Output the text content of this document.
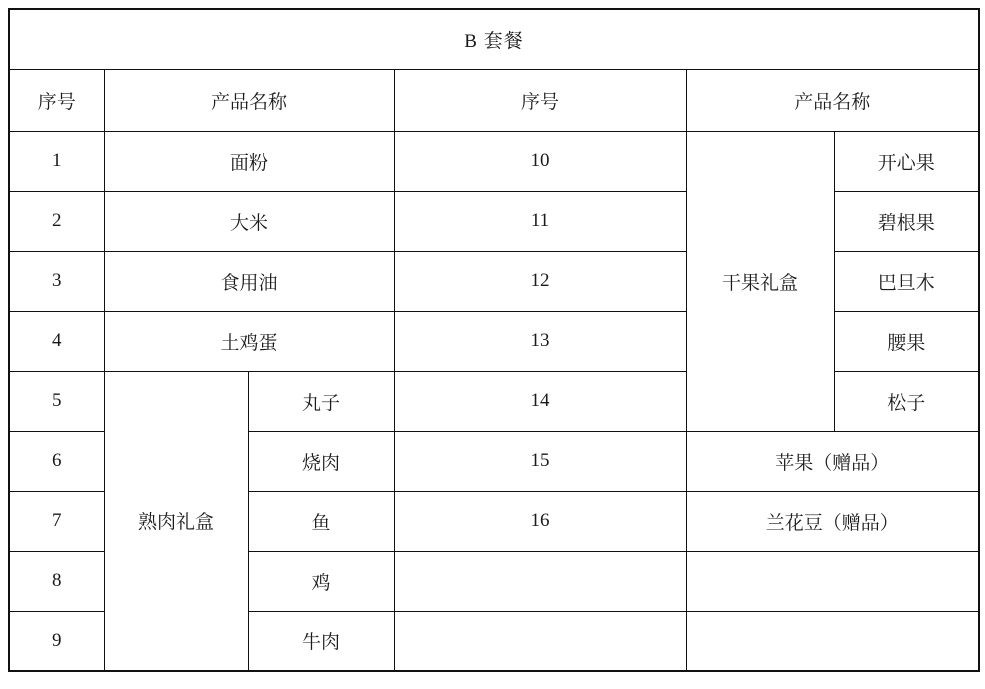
B 套餐					
序号	产品名称		序号	产品名称	
1	面粉		10	干果礼盒	开心果
2	大米		11		碧根果
3	食用油		12		巴旦木
4	土鸡蛋		13		腰果
5	熟肉礼盒	丸子	14		松子
6		烧肉	15	苹果（赠品）	
7		鱼	16	兰花豆（赠品）	
8		鸡			
9		牛肉			
